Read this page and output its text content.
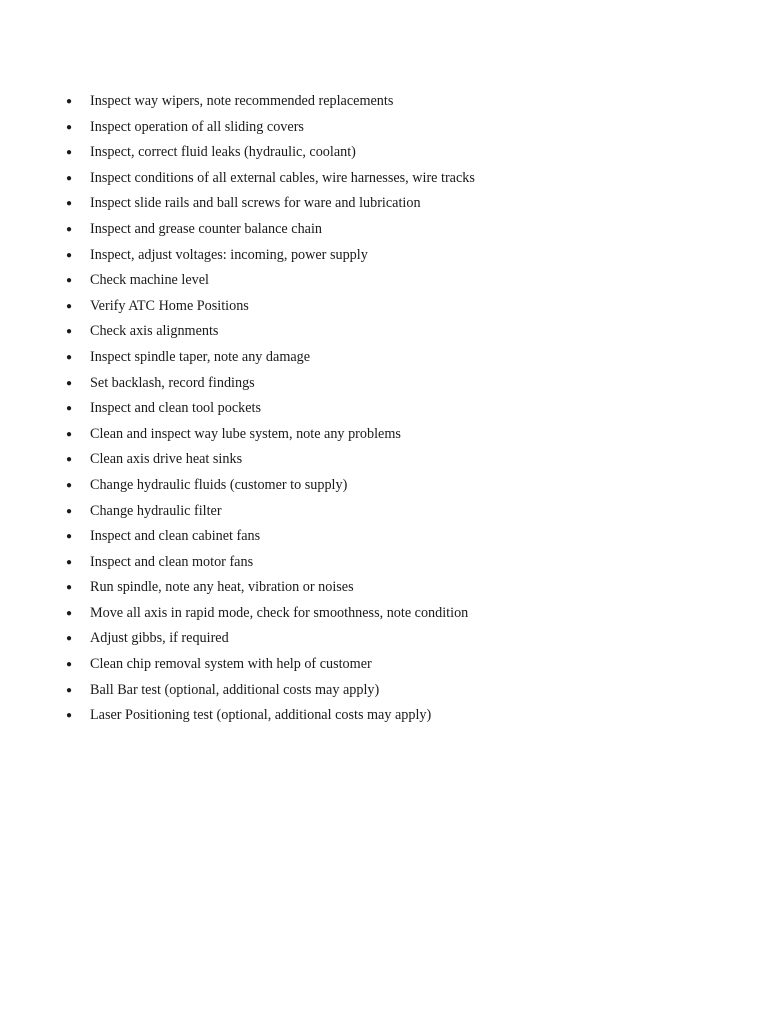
● Inspect way wipers, note recommended replacements
● Inspect operation of all sliding covers
● Inspect, correct fluid leaks (hydraulic, coolant)
● Inspect conditions of all external cables, wire harnesses, wire tracks
● Inspect slide rails and ball screws for ware and lubrication
● Inspect and grease counter balance chain
● Inspect, adjust voltages: incoming, power supply
● Check machine level
● Verify ATC Home Positions
● Check axis alignments
● Inspect spindle taper, note any damage
● Set backlash, record findings
● Inspect and clean tool pockets
● Clean and inspect way lube system, note any problems
● Clean axis drive heat sinks
● Change hydraulic fluids (customer to supply)
● Change hydraulic filter
● Inspect and clean cabinet fans
● Inspect and clean motor fans
● Run spindle, note any heat, vibration or noises
● Move all axis in rapid mode, check for smoothness, note condition
● Adjust gibbs, if required
● Clean chip removal system with help of customer
● Ball Bar test (optional, additional costs may apply)
● Laser Positioning test (optional, additional costs may apply)
